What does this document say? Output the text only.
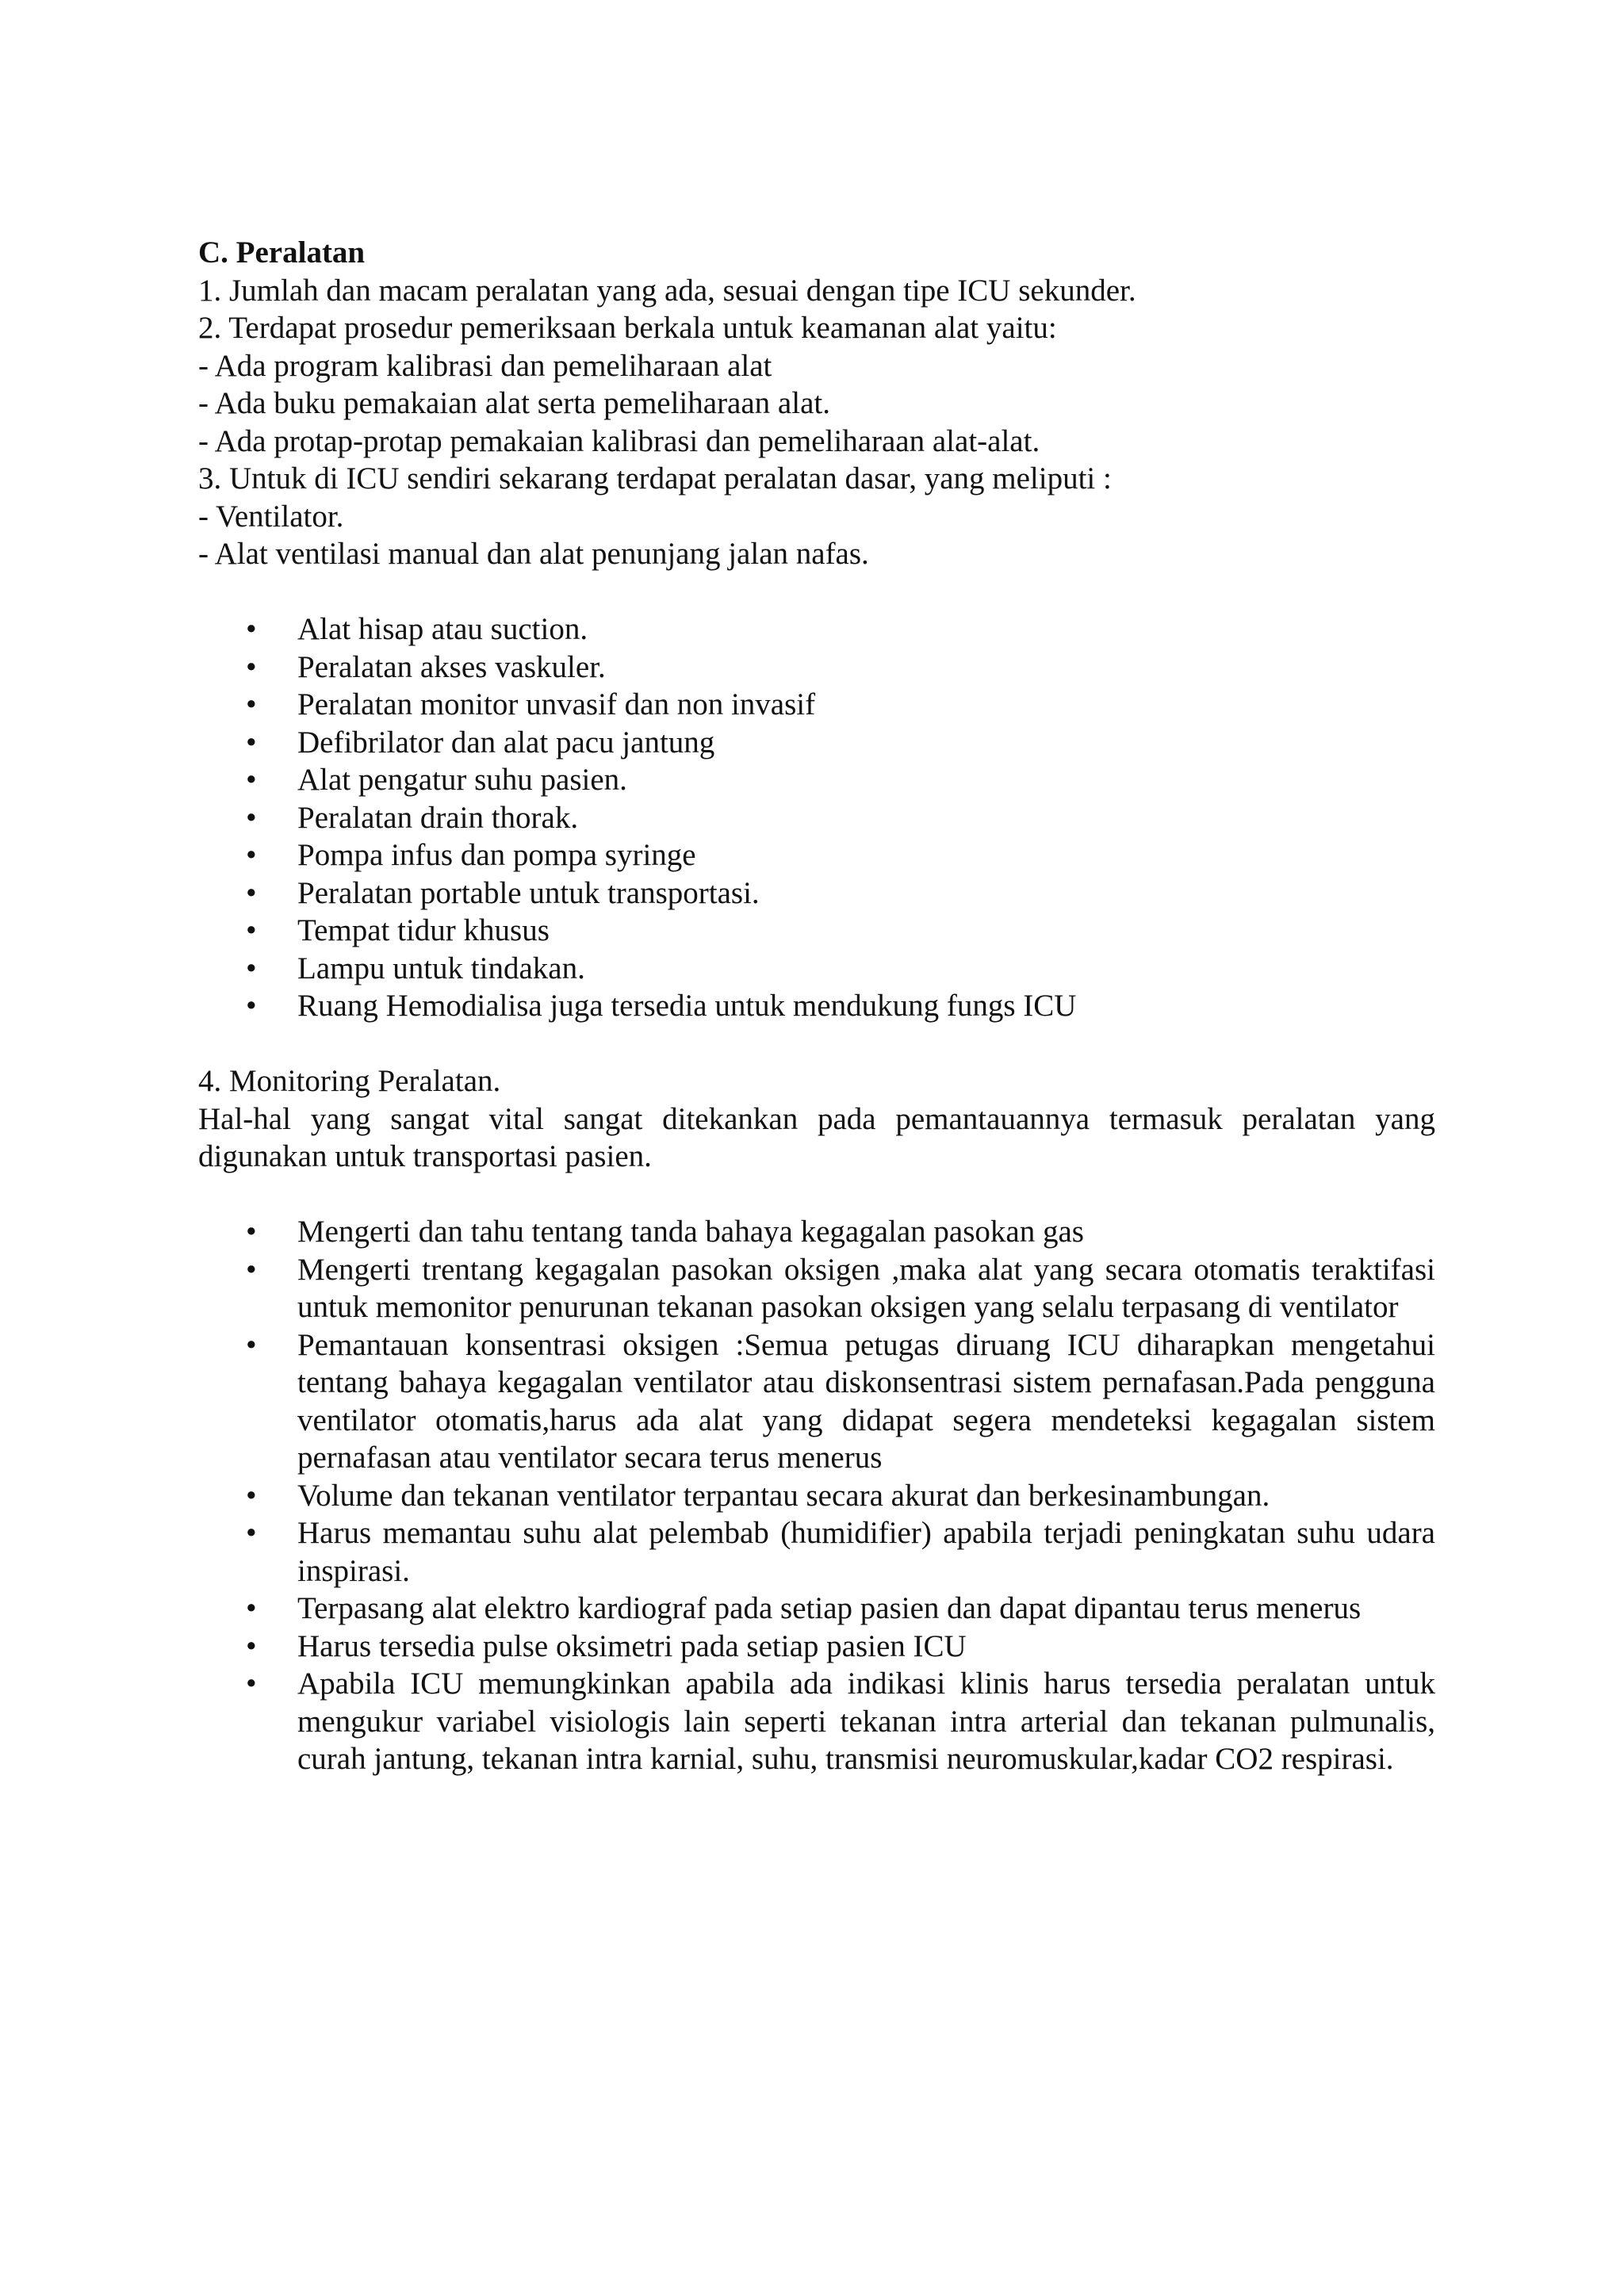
C. Peralatan

1. Jumlah dan macam peralatan yang ada, sesuai dengan tipe ICU sekunder.

2. Terdapat prosedur pemeriksaan berkala untuk keamanan alat yaitu:

- Ada program kalibrasi dan pemeliharaan alat

- Ada buku pemakaian alat serta pemeliharaan alat.

- Ada protap-protap pemakaian kalibrasi dan pemeliharaan alat-alat.

3. Untuk di ICU sendiri sekarang terdapat peralatan dasar, yang meliputi :

- Ventilator.

- Alat ventilasi manual dan alat penunjang jalan nafas.

• Alat hisap atau suction.
• Peralatan akses vaskuler.
• Peralatan monitor unvasif dan non invasif
• Defibrilator dan alat pacu jantung
• Alat pengatur suhu pasien.
• Peralatan drain thorak.
• Pompa infus dan pompa syringe
• Peralatan portable untuk transportasi.
• Tempat tidur khusus
• Lampu untuk tindakan.
• Ruang Hemodialisa juga tersedia untuk mendukung fungs ICU

4. Monitoring Peralatan.

Hal-hal yang sangat vital sangat ditekankan pada pemantauannya termasuk peralatan yang digunakan untuk transportasi pasien.

• Mengerti dan tahu tentang tanda bahaya kegagalan pasokan gas
• Mengerti trentang kegagalan pasokan oksigen ,maka alat yang secara otomatis teraktifasi untuk memonitor penurunan tekanan pasokan oksigen yang selalu terpasang di ventilator
• Pemantauan konsentrasi oksigen :Semua petugas diruang ICU diharapkan mengetahui tentang bahaya kegagalan ventilator atau diskonsentrasi sistem pernafasan.Pada pengguna ventilator otomatis,harus ada alat yang didapat segera mendeteksi kegagalan sistem pernafasan atau ventilator secara terus menerus
• Volume dan tekanan ventilator terpantau secara akurat dan berkesinambungan.
• Harus memantau suhu alat pelembab (humidifier) apabila terjadi peningkatan suhu udara inspirasi.
• Terpasang alat elektro kardiograf pada setiap pasien dan dapat dipantau terus menerus
• Harus tersedia pulse oksimetri pada setiap pasien ICU
• Apabila ICU memungkinkan apabila ada indikasi klinis harus tersedia peralatan untuk mengukur variabel visiologis lain seperti tekanan intra arterial dan tekanan pulmunalis, curah jantung, tekanan intra karnial, suhu, transmisi neuromuskular,kadar CO2 respirasi.
